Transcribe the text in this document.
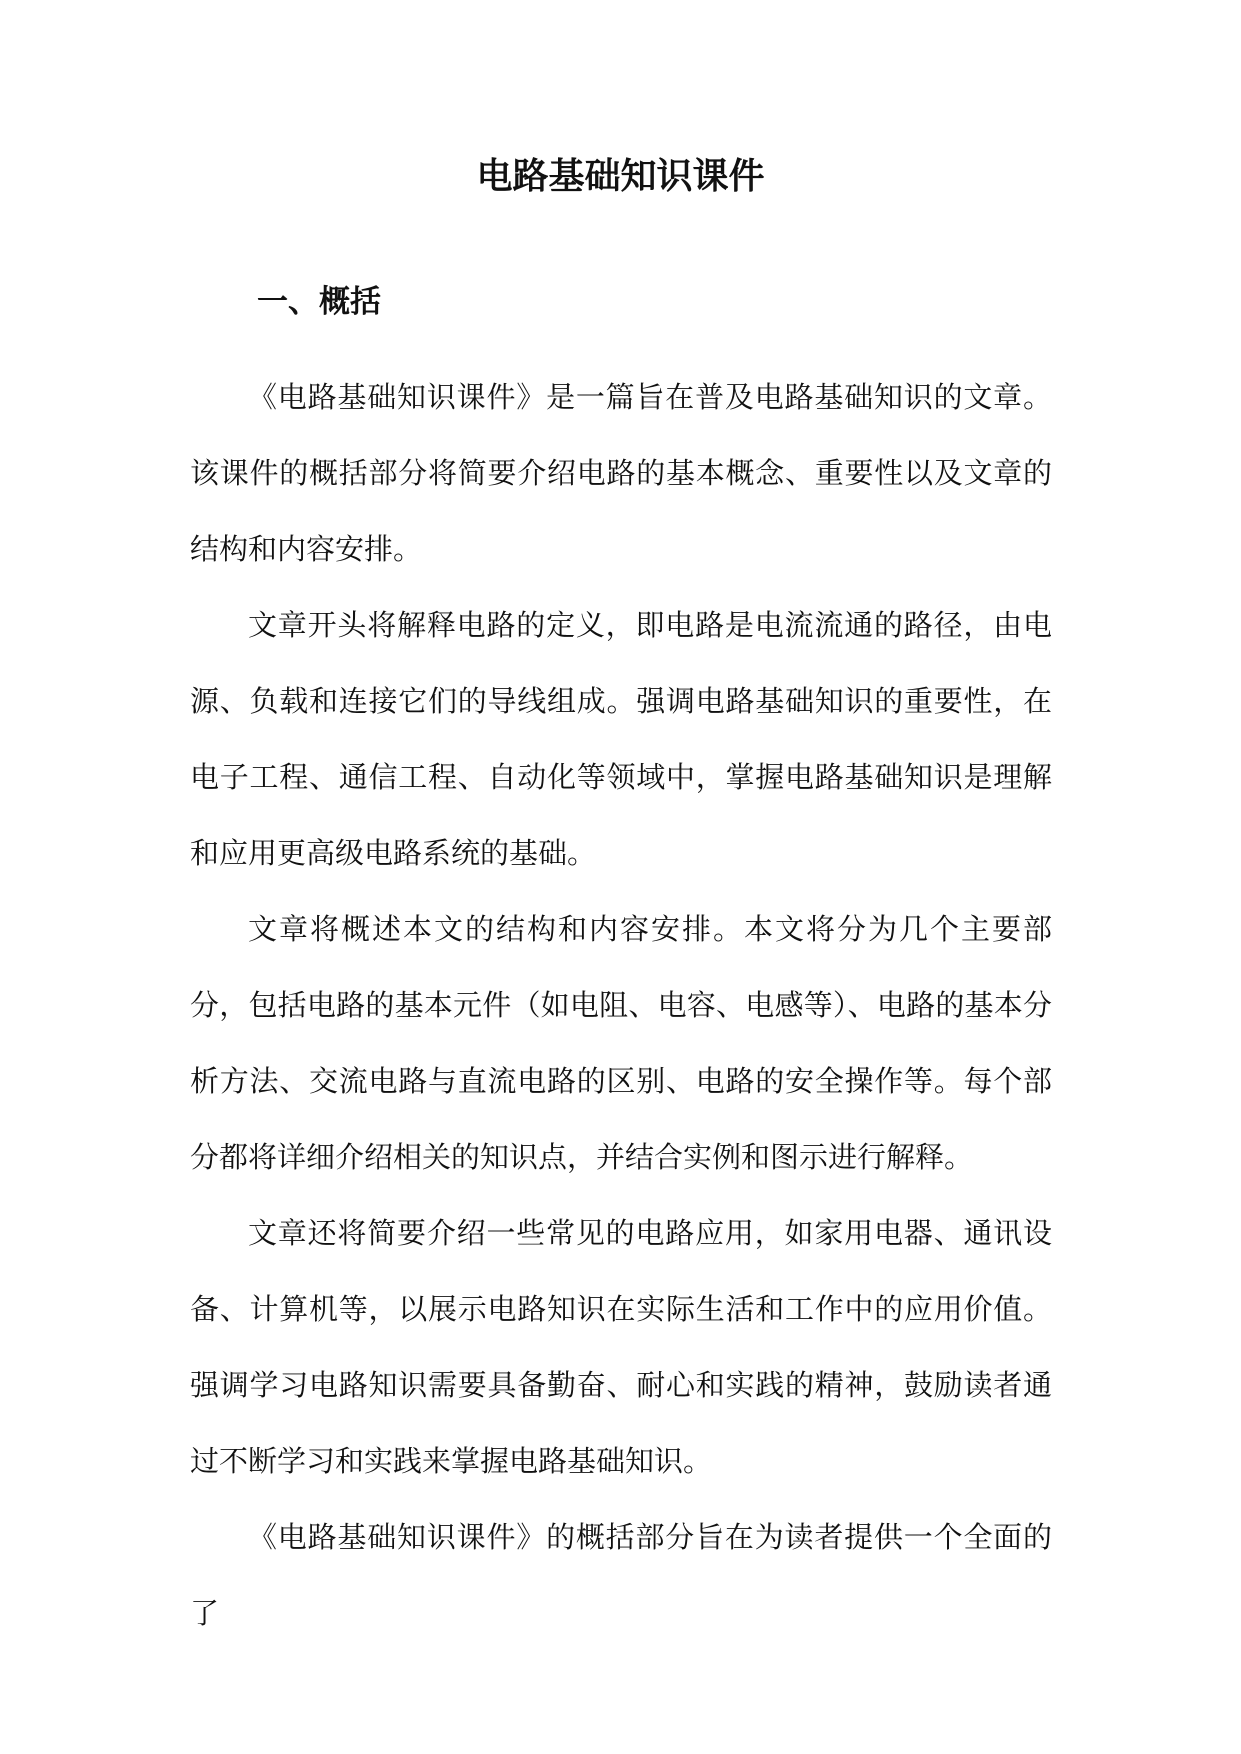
电路基础知识课件
一、概括

《电路基础知识课件》是一篇旨在普及电路基础知识的文章。该课件的概括部分将简要介绍电路的基本概念、重要性以及文章的结构和内容安排。

文章开头将解释电路的定义，即电路是电流流通的路径，由电源、负载和连接它们的导线组成。强调电路基础知识的重要性，在电子工程、通信工程、自动化等领域中，掌握电路基础知识是理解和应用更高级电路系统的基础。

文章将概述本文的结构和内容安排。本文将分为几个主要部分，包括电路的基本元件（如电阻、电容、电感等）、电路的基本分析方法、交流电路与直流电路的区别、电路的安全操作等。每个部分都将详细介绍相关的知识点，并结合实例和图示进行解释。

文章还将简要介绍一些常见的电路应用，如家用电器、通讯设备、计算机等，以展示电路知识在实际生活和工作中的应用价值。强调学习电路知识需要具备勤奋、耐心和实践的精神，鼓励读者通过不断学习和实践来掌握电路基础知识。

《电路基础知识课件》的概括部分旨在为读者提供一个全面的了
